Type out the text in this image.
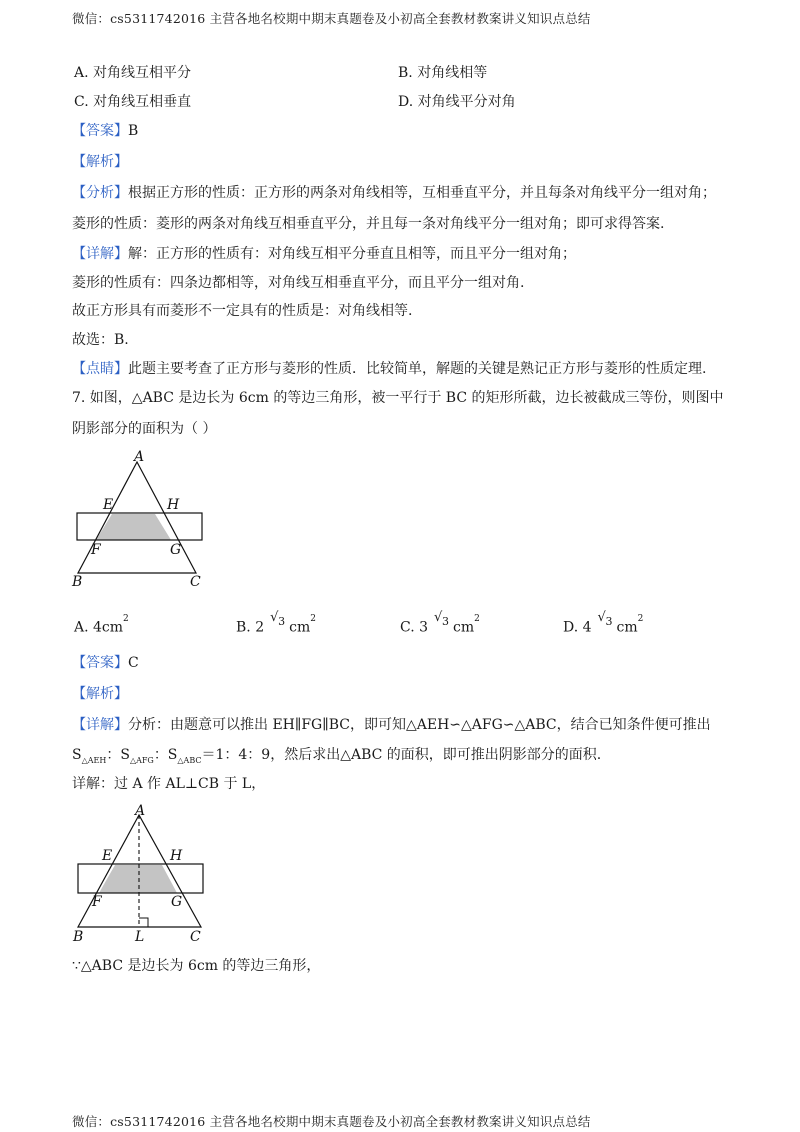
微信：cs5311742016 主营各地名校期中期末真题卷及小初高全套教材教案讲义知识点总结
A. 对角线互相平分	B. 对角线相等
C. 对角线互相垂直	D. 对角线平分对角
【答案】B
【解析】
【分析】根据正方形的性质：正方形的两条对角线相等，互相垂直平分，并且每条对角线平分一组对角；
菱形的性质：菱形的两条对角线互相垂直平分，并且每一条对角线平分一组对角；即可求得答案.
【详解】解：正方形的性质有：对角线互相平分垂直且相等，而且平分一组对角；
菱形的性质有：四条边都相等，对角线互相垂直平分，而且平分一组对角.
故正方形具有而菱形不一定具有的性质是：对角线相等.
故选：B.
【点睛】此题主要考查了正方形与菱形的性质．比较简单，解题的关键是熟记正方形与菱形的性质定理.
7. 如图，△ABC 是边长为 6cm 的等边三角形，被一平行于 BC 的矩形所截，边长被截成三等份，则图中
阴影部分的面积为（ ）
A
E	H
F	G
B	C
A. $4cm^2$
B. 2
√ $^3$ $cm^2$
C. 3
√ $^3$ $cm^2$
D. 4
√ $^3$ $cm^2$
【答案】C
【解析】
【详解】分析：由题意可以推出 EH∥FG∥BC，即可知△AEH∽△AFG∽△ABC，结合已知条件便可推出
$S_{\triangle AEH}$：$S_{\triangle AFG}$：$S_{\triangle ABC}=1$：4：9，然后求出△ABC 的面积，即可推出阴影部分的面积.
详解：过 A 作 AL⊥CB 于 L，
A
E	H
F	G
B	L	C
∵△ABC 是边长为 6cm 的等边三角形，
微信：cs5311742016 主营各地名校期中期末真题卷及小初高全套教材教案讲义知识点总结
